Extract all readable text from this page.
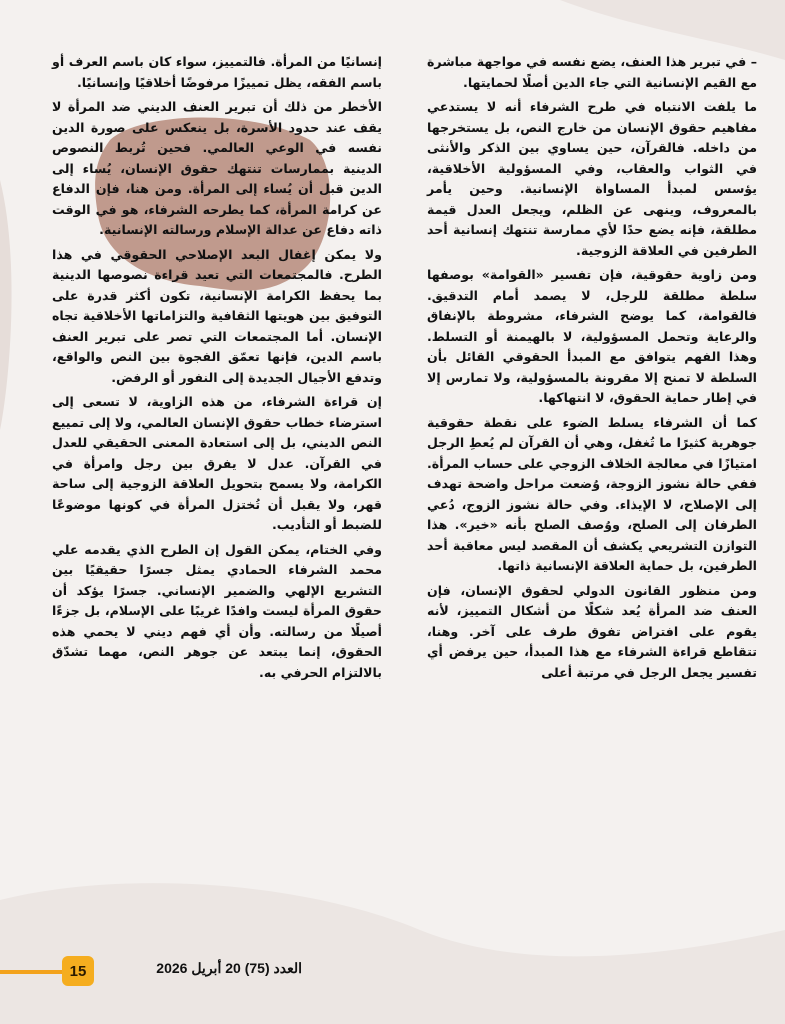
– في تبرير هذا العنف، يضع نفسه في مواجهة مباشرة مع القيم الإنسانية التي جاء الدين أصلًا لحمايتها.

ما يلفت الانتباه في طرح الشرفاء أنه لا يستدعي مفاهيم حقوق الإنسان من خارج النص، بل يستخرجها من داخله. فالقرآن، حين يساوي بين الذكر والأنثى في الثواب والعقاب، وفي المسؤولية الأخلاقية، يؤسس لمبدأ المساواة الإنسانية. وحين يأمر بالمعروف، وينهى عن الظلم، ويجعل العدل قيمة مطلقة، فإنه يضع حدًا لأي ممارسة تنتهك إنسانية أحد الطرفين في العلاقة الزوجية.

ومن زاوية حقوقية، فإن تفسير «القوامة» بوصفها سلطة مطلقة للرجل، لا يصمد أمام التدقيق. فالقوامة، كما يوضح الشرفاء، مشروطة بالإنفاق والرعاية وتحمل المسؤولية، لا بالهيمنة أو التسلط. وهذا الفهم يتوافق مع المبدأ الحقوقي القائل بأن السلطة لا تمنح إلا مقرونة بالمسؤولية، ولا تمارس إلا في إطار حماية الحقوق، لا انتهاكها.

كما أن الشرفاء يسلط الضوء على نقطة حقوقية جوهرية كثيرًا ما تُغفل، وهي أن القرآن لم يُعطِ الرجل امتيازًا في معالجة الخلاف الزوجي على حساب المرأة. ففي حالة نشوز الزوجة، وُضعت مراحل واضحة تهدف إلى الإصلاح، لا الإيذاء. وفي حالة نشوز الزوج، دُعي الطرفان إلى الصلح، ووُصف الصلح بأنه «خير». هذا التوازن التشريعي يكشف أن المقصد ليس معاقبة أحد الطرفين، بل حماية العلاقة الإنسانية ذاتها.

ومن منظور القانون الدولي لحقوق الإنسان، فإن العنف ضد المرأة يُعد شكلًا من أشكال التمييز، لأنه يقوم على افتراض تفوق طرف على آخر. وهنا، تتقاطع قراءة الشرفاء مع هذا المبدأ، حين يرفض أي تفسير يجعل الرجل في مرتبة أعلى

إنسانيًا من المرأة. فالتمييز، سواء كان باسم العرف أو باسم الفقه، يظل تمييزًا مرفوضًا أخلاقيًا وإنسانيًا.

الأخطر من ذلك أن تبرير العنف الديني ضد المرأة لا يقف عند حدود الأسرة، بل ينعكس على صورة الدين نفسه في الوعي العالمي. فحين تُربط النصوص الدينية بممارسات تنتهك حقوق الإنسان، يُساء إلى الدين قبل أن يُساء إلى المرأة. ومن هنا، فإن الدفاع عن كرامة المرأة، كما يطرحه الشرفاء، هو في الوقت ذاته دفاع عن عدالة الإسلام ورسالته الإنسانية.

ولا يمكن إغفال البعد الإصلاحي الحقوقي في هذا الطرح. فالمجتمعات التي تعيد قراءة نصوصها الدينية بما يحفظ الكرامة الإنسانية، تكون أكثر قدرة على التوفيق بين هويتها الثقافية والتزاماتها الأخلاقية تجاه الإنسان. أما المجتمعات التي تصر على تبرير العنف باسم الدين، فإنها تعمّق الفجوة بين النص والواقع، وتدفع الأجيال الجديدة إلى النفور أو الرفض.

إن قراءة الشرفاء، من هذه الزاوية، لا تسعى إلى استرضاء خطاب حقوق الإنسان العالمي، ولا إلى تمييع النص الديني، بل إلى استعادة المعنى الحقيقي للعدل في القرآن. عدل لا يفرق بين رجل وامرأة في الكرامة، ولا يسمح بتحويل العلاقة الزوجية إلى ساحة قهر، ولا يقبل أن تُختزل المرأة في كونها موضوعًا للضبط أو التأديب.

وفي الختام، يمكن القول إن الطرح الذي يقدمه علي محمد الشرفاء الحمادي يمثل جسرًا حقيقيًا بين التشريع الإلهي والضمير الإنساني. جسرًا يؤكد أن حقوق المرأة ليست وافدًا غريبًا على الإسلام، بل جزءًا أصيلًا من رسالته. وأن أي فهم ديني لا يحمي هذه الحقوق، إنما يبتعد عن جوهر النص، مهما تشدّق بالالتزام الحرفي به.

15	العدد (75) 20 أبريل 2026
